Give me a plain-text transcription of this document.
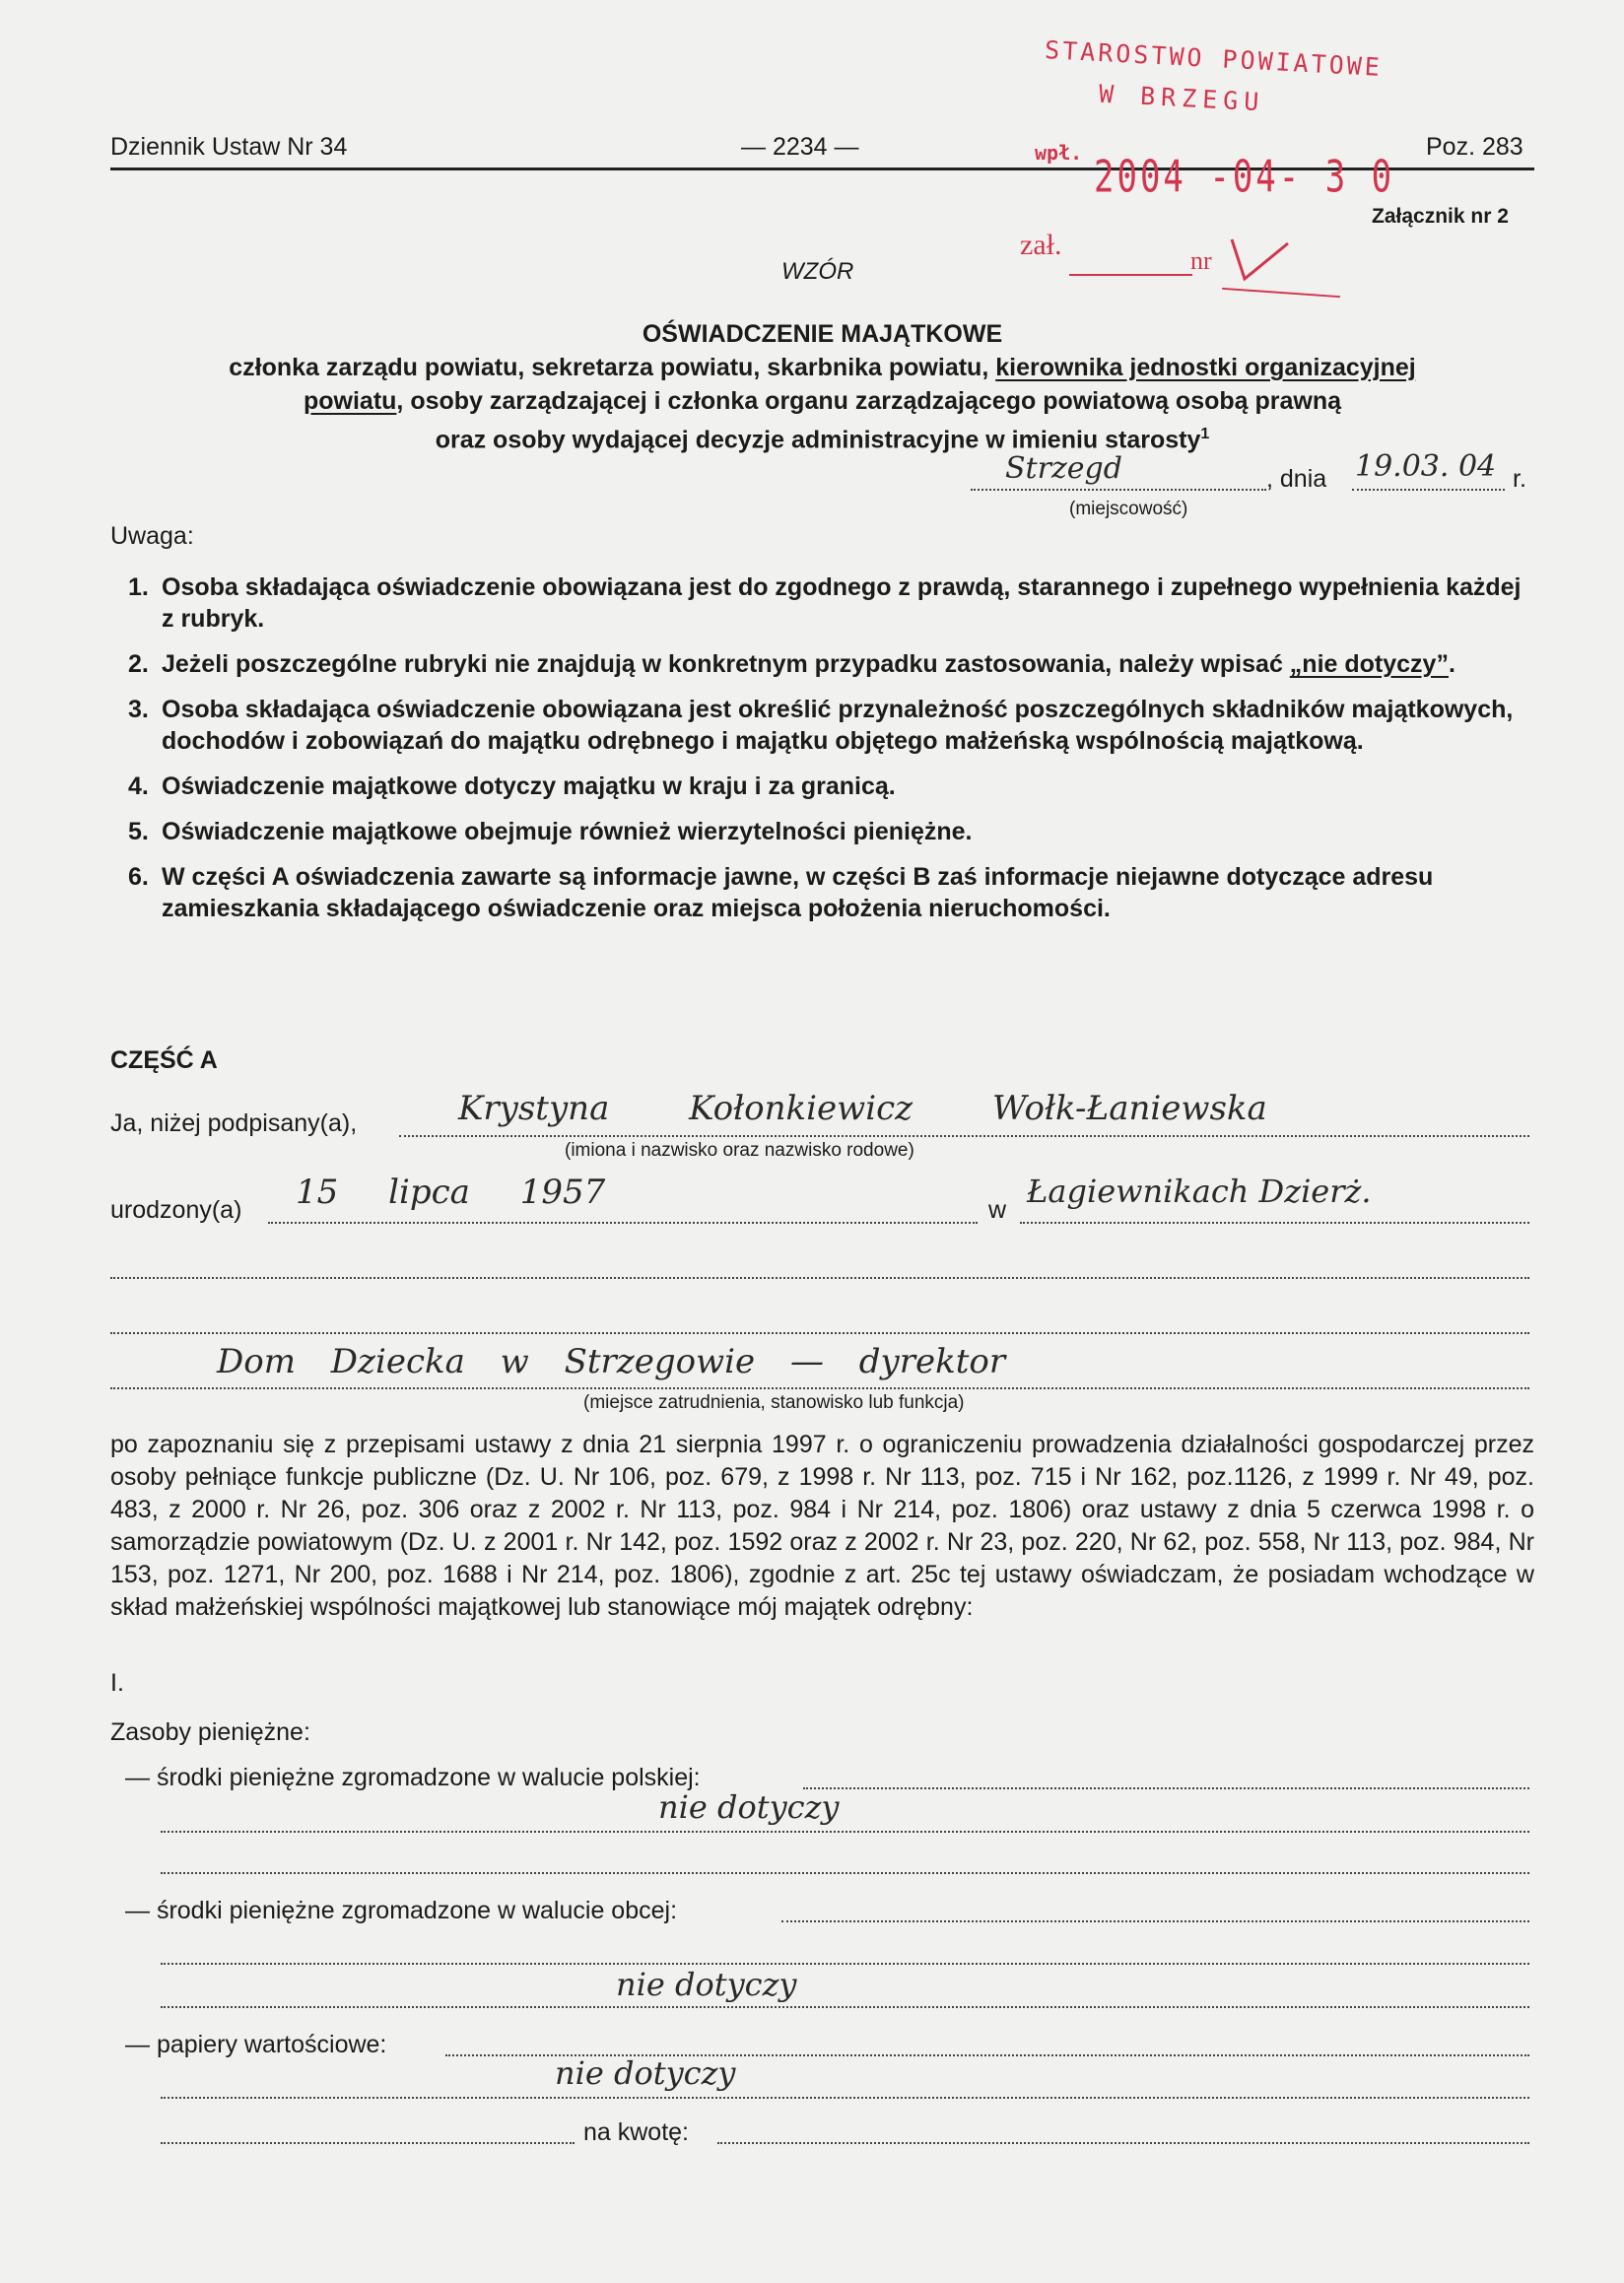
Dziennik Ustaw Nr 34	— 2234 —	Poz. 283
STAROSTWO POWIATOWE
W BRZEGU
wpł. 2004 -04- 3 0
zał.	nr
Załącznik nr 2
WZÓR
OŚWIADCZENIE MAJĄTKOWE
członka zarządu powiatu, sekretarza powiatu, skarbnika powiatu, kierownika jednostki organizacyjnej
powiatu, osoby zarządzającej i członka organu zarządzającego powiatową osobą prawną
oraz osoby wydającej decyzje administracyjne w imieniu starosty$^1$
Strzegd	, dnia 19.03. 04 r.
(miejscowość)
Uwaga:
1. Osoba składająca oświadczenie obowiązana jest do zgodnego z prawdą, starannego i zupełnego wypełnienia każdej z rubryk.
2. Jeżeli poszczególne rubryki nie znajdują w konkretnym przypadku zastosowania, należy wpisać „nie dotyczy”.
3. Osoba składająca oświadczenie obowiązana jest określić przynależność poszczególnych składników majątkowych, dochodów i zobowiązań do majątku odrębnego i majątku objętego małżeńską wspólnością majątkową.
4. Oświadczenie majątkowe dotyczy majątku w kraju i za granicą.
5. Oświadczenie majątkowe obejmuje również wierzytelności pieniężne.
6. W części A oświadczenia zawarte są informacje jawne, w części B zaś informacje niejawne dotyczące adresu zamieszkania składającego oświadczenie oraz miejsca położenia nieruchomości.
CZĘŚĆ A
Ja, niżej podpisany(a),	Krystyna Kołonkiewicz Wołk-Łaniewska
(imiona i nazwisko oraz nazwisko rodowe)
urodzony(a) 15 lipca 1957	w Łagiewnikach Dzierż.
Dom Dziecka w Strzegowie — dyrektor
(miejsce zatrudnienia, stanowisko lub funkcja)
po zapoznaniu się z przepisami ustawy z dnia 21 sierpnia 1997 r. o ograniczeniu prowadzenia działalności gospodarczej przez osoby pełniące funkcje publiczne (Dz. U. Nr 106, poz. 679, z 1998 r. Nr 113, poz. 715 i Nr 162, poz.1126, z 1999 r. Nr 49, poz. 483, z 2000 r. Nr 26, poz. 306 oraz z 2002 r. Nr 113, poz. 984 i Nr 214, poz. 1806) oraz ustawy z dnia 5 czerwca 1998 r. o samorządzie powiatowym (Dz. U. z 2001 r. Nr 142, poz. 1592 oraz z 2002 r. Nr 23, poz. 220, Nr 62, poz. 558, Nr 113, poz. 984, Nr 153, poz. 1271, Nr 200, poz. 1688 i Nr 214, poz. 1806), zgodnie z art. 25c tej ustawy oświadczam, że posiadam wchodzące w skład małżeńskiej wspólności majątkowej lub stanowiące mój majątek odrębny:
I.
Zasoby pieniężne:
— środki pieniężne zgromadzone w walucie polskiej:
nie dotyczy
— środki pieniężne zgromadzone w walucie obcej:
nie dotyczy
— papiery wartościowe:
nie dotyczy
na kwotę:
